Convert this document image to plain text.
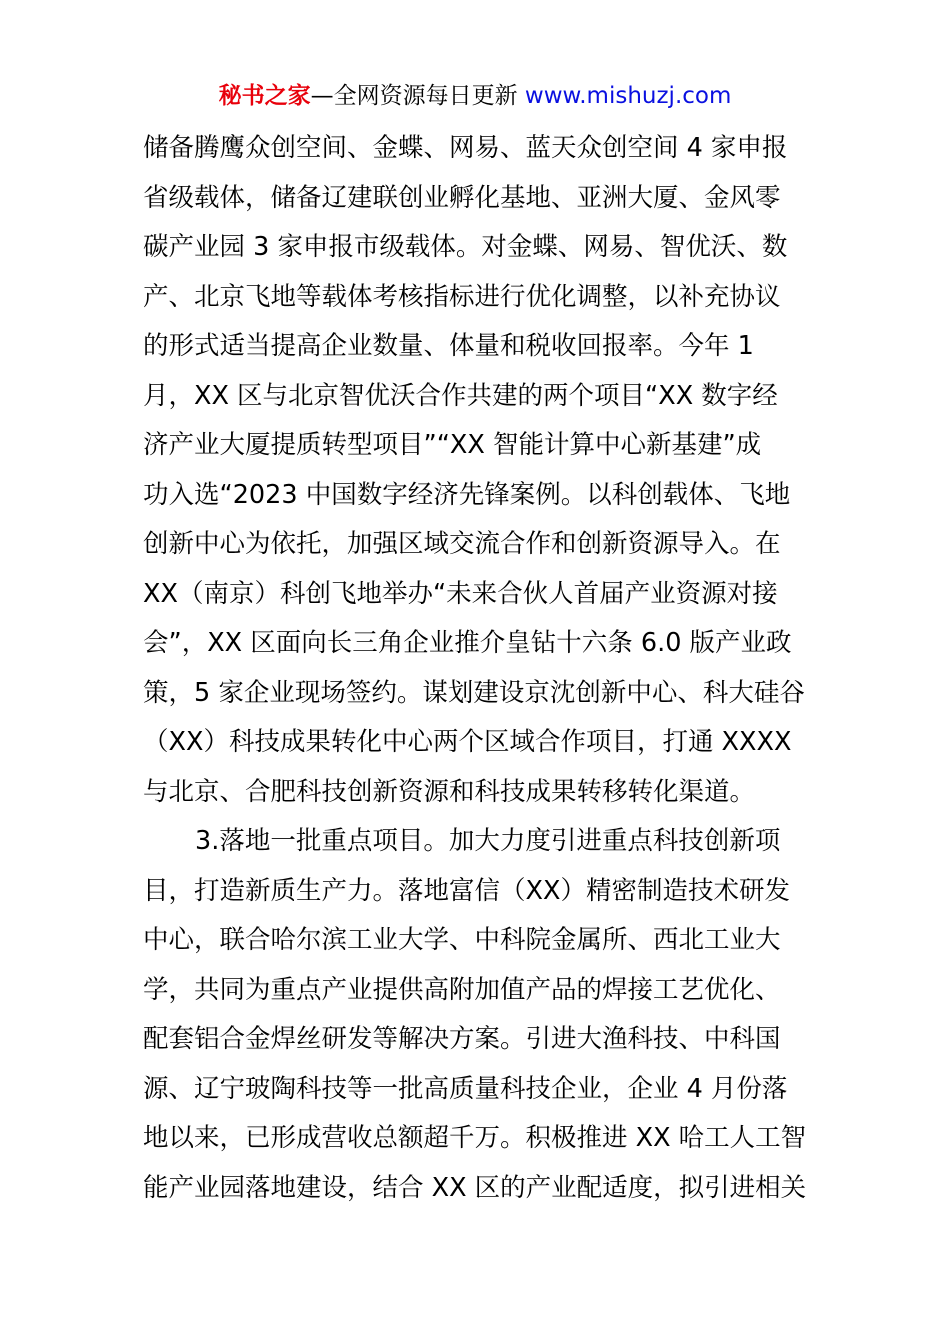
秘书之家—全网资源每日更新 www.mishuzj.com
储备腾鹰众创空间、金蝶、网易、蓝天众创空间 4 家申报
省级载体，储备辽建联创业孵化基地、亚洲大厦、金风零
碳产业园 3 家申报市级载体。对金蝶、网易、智优沃、数
产、北京飞地等载体考核指标进行优化调整，以补充协议
的形式适当提高企业数量、体量和税收回报率。今年 1
月，XX 区与北京智优沃合作共建的两个项目“XX 数字经
济产业大厦提质转型项目”“XX 智能计算中心新基建”成
功入选“2023 中国数字经济先锋案例。以科创载体、飞地
创新中心为依托，加强区域交流合作和创新资源导入。在
XX（南京）科创飞地举办“未来合伙人首届产业资源对接
会”，XX 区面向长三角企业推介皇钻十六条 6.0 版产业政
策，5 家企业现场签约。谋划建设京沈创新中心、科大硅谷
（XX）科技成果转化中心两个区域合作项目，打通 XXXX
与北京、合肥科技创新资源和科技成果转移转化渠道。
3.落地一批重点项目。加大力度引进重点科技创新项
目，打造新质生产力。落地富信（XX）精密制造技术研发
中心，联合哈尔滨工业大学、中科院金属所、西北工业大
学，共同为重点产业提供高附加值产品的焊接工艺优化、
配套铝合金焊丝研发等解决方案。引进大渔科技、中科国
源、辽宁玻陶科技等一批高质量科技企业，企业 4 月份落
地以来，已形成营收总额超千万。积极推进 XX 哈工人工智
能产业园落地建设，结合 XX 区的产业配适度，拟引进相关
